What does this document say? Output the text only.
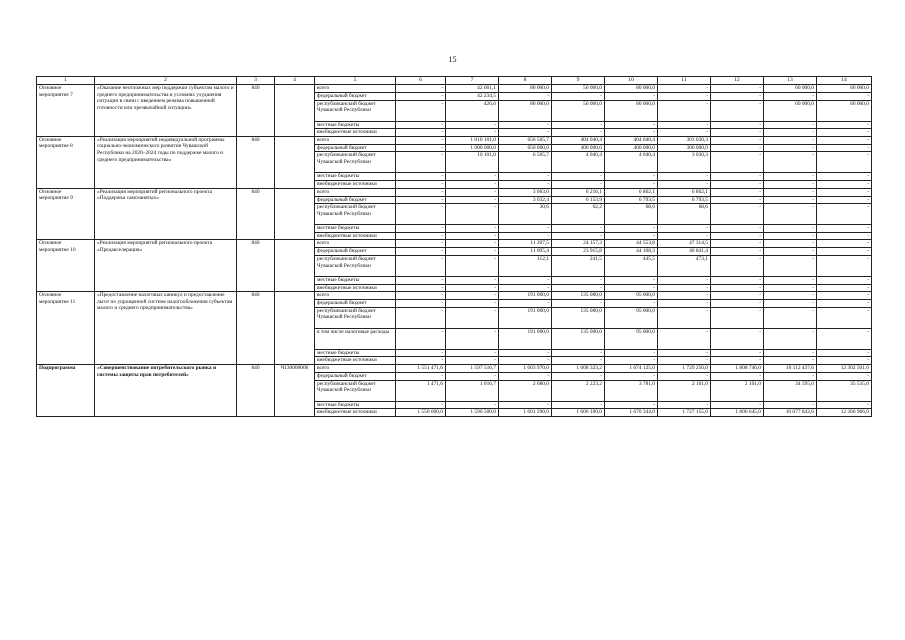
15
1	2	3	4	5	6	7	8	9	10	11	12	13	14
Основное мероприятие 7	«Оказание неотложных мер поддержки субъектам малого и среднего предпринимательства в условиях ухудшения ситуации в связи с введением режима повышенной готовности или чрезвычайной ситуации»	840		всего	-	42 661,1	80 000,0	50 000,0	80 000,0	-	-	60 000,0	60 000,0
				федеральный бюджет	-	42 234,5	-	-	-	-	-	-	-
				республиканский бюджет Чувашской Республики	-	426,6	80 000,0	50 000,0	80 000,0	-	-	60 000,0	60 000,0
				местные бюджеты	-	-	-	-	-	-	-	-	-
				внебюджетные источники	-	-	-	-	-	-	-	-	-
Основное мероприятие 8	«Реализация мероприятий индивидуальной программы социально-экономического развития Чувашской Республики на 2020–2024 годы по поддержке малого и среднего предпринимательства»	840		всего	-	1 010 101,0	656 565,7	404 040,4	404 040,4	303 030,3	-	-	-
				федеральный бюджет	-	1 000 000,0	650 000,0	400 000,0	400 000,0	300 000,0	-	-	-
				республиканский бюджет Чувашской Республики	-	10 101,0	6 565,7	4 040,4	4 040,4	3 030,3	-	-	-
				местные бюджеты	-	-	-	-	-	-	-	-	-
				внебюджетные источники	-	-	-	-	-	-	-	-	-
Основное мероприятие 9	«Реализация мероприятий регионального проекта «Поддержка самозанятых»	840		всего	-	-	3 063,0	6 216,1	6 862,1	6 862,1	-	-	-
				федеральный бюджет	-	-	3 032,4	6 153,9	6 793,5	6 793,5	-	-	-
				республиканский бюджет Чувашской Республики	-	-	30,6	62,2	68,6	68,6	-	-	-
				местные бюджеты	-	-	-	-	-	-	-	-	-
				внебюджетные источники	-	-	-	-	-	-	-	-	-
Основное мероприятие 10	«Реализация мероприятий регионального проекта «Предакселерация»	840		всего	-	-	11 207,5	24 157,3	44 553,8	47 314,5	-	-	-
				федеральный бюджет	-	-	11 095,4	23 915,8	44 108,3	46 841,4	-	-	-
				республиканский бюджет Чувашской Республики	-	-	112,1	241,5	445,5	473,1	-	-	-
				местные бюджеты	-	-	-	-	-	-	-	-	-
				внебюджетные источники	-	-	-	-	-	-	-	-	-
Основное мероприятие 11	«Предоставление налоговых каникул и предоставление льгот по упрощенной системе налогообложения субъектам малого и среднего предпринимательства»	840		всего	-	-	191 000,0	135 000,0	95 000,0	-	-	-	-
				федеральный бюджет	-	-	-	-	-	-	-	-	-
				республиканский бюджет Чувашской Республики	-	-	191 000,0	135 000,0	95 000,0	-	-	-	-
				в том числе налоговые расходы	-	-	191 000,0	135 000,0	95 000,0	-	-	-	-
				местные бюджеты	-	-	-	-	-	-	-	-	-
				внебюджетные источники	-	-	-	-	-	-	-	-	-
Подпрограмма	«Совершенствование потребительского рынка и системы защиты прав потребителей»	840	Ч130000000	всего	1 551 471,6	1 597 516,7	1 603 970,0	1 608 323,2	1 674 125,0	1 729 256,0	1 808 746,0	10 112 437,6	12 302 501,0
				федеральный бюджет	-	-	-	-	-	-	-	-	-
				республиканский бюджет Чувашской Республики	1 471,6	1 016,7	2 680,0	2 223,2	3 781,0	2 101,0	2 101,0	34 595,0	35 535,0
				местные бюджеты	-	-	-	-	-	-	-	-	-
				внебюджетные источники	1 550 000,0	1 596 500,0	1 601 290,0	1 606 100,0	1 670 344,0	1 727 155,0	1 806 645,0	10 077 842,6	12 266 966,0
